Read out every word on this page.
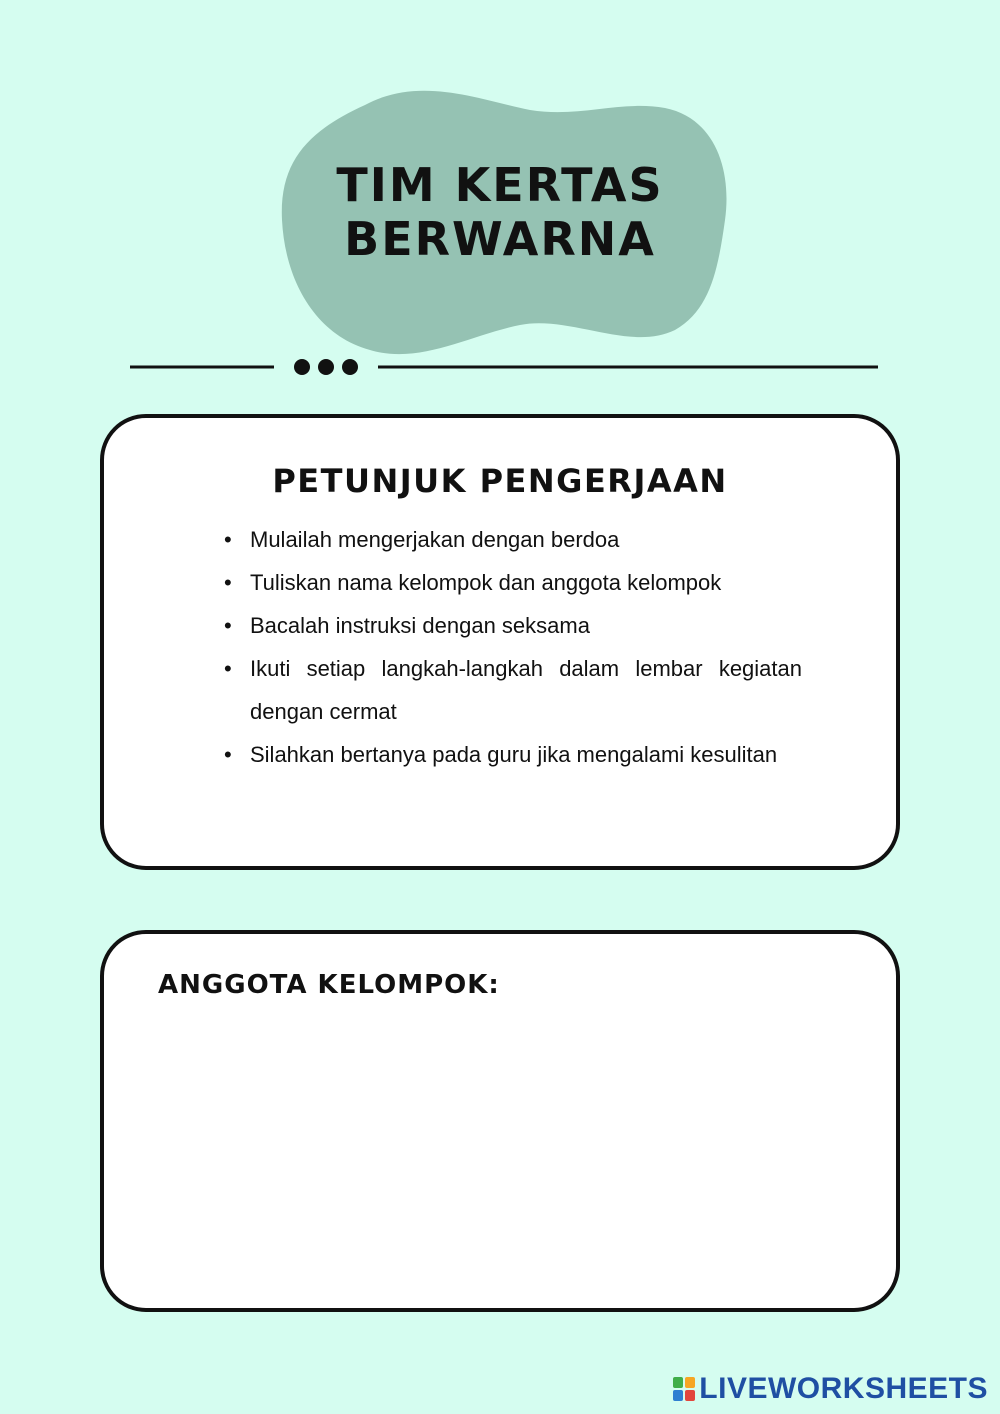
TIM KERTAS
BERWARNA
PETUNJUK PENGERJAAN
• Mulailah mengerjakan dengan berdoa
• Tuliskan nama kelompok dan anggota kelompok
• Bacalah instruksi dengan seksama
• Ikuti setiap langkah-langkah dalam lembar kegiatan dengan cermat
• Silahkan bertanya pada guru jika mengalami kesulitan
ANGGOTA KELOMPOK:
LIVEWORKSHEETS
